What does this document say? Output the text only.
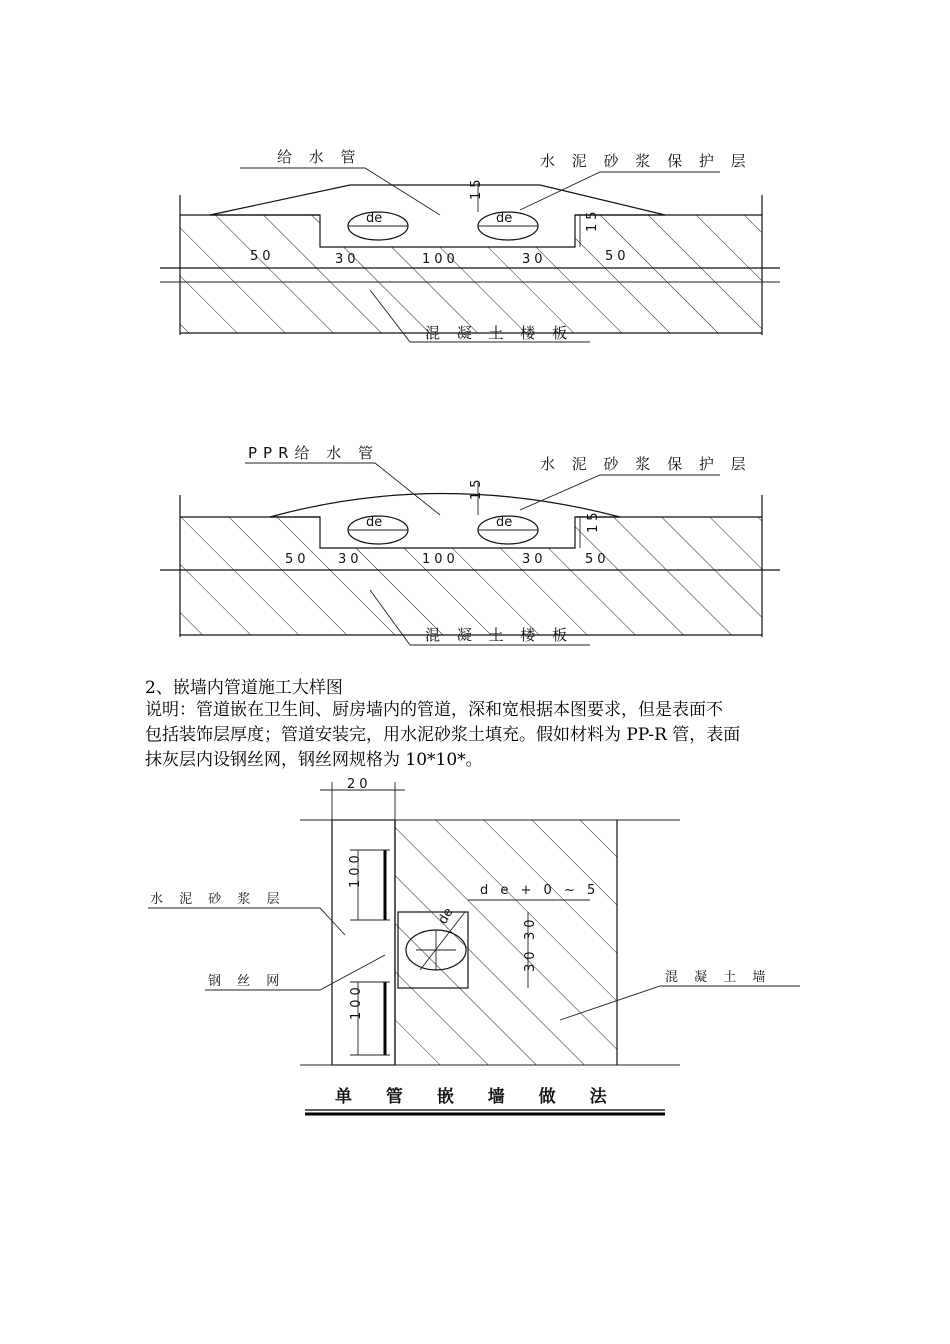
de	de
15
15
50	30	100	30	50
给 水 管	水 泥 砂 浆 保 护 层
混 凝 土 楼 板
de	de
15
15
50 30	100	30	50
PPR给 水 管
水 泥 砂 浆 保 护 层
混 凝 土 楼 板
de
100
100
20
d e + 0 ~ 5
30
30
水 泥 砂 浆 层
钢 丝 网	混 凝 土 墙
单 管 嵌 墙 做 法
2、嵌墙内管道施工大样图
说明：管道嵌在卫生间、厨房墙内的管道，深和宽根据本图要求，但是表面不
包括装饰层厚度；管道安装完，用水泥砂浆土填充。假如材料为 PP-R 管，表面
抹灰层内设钢丝网，钢丝网规格为 10*10*。
